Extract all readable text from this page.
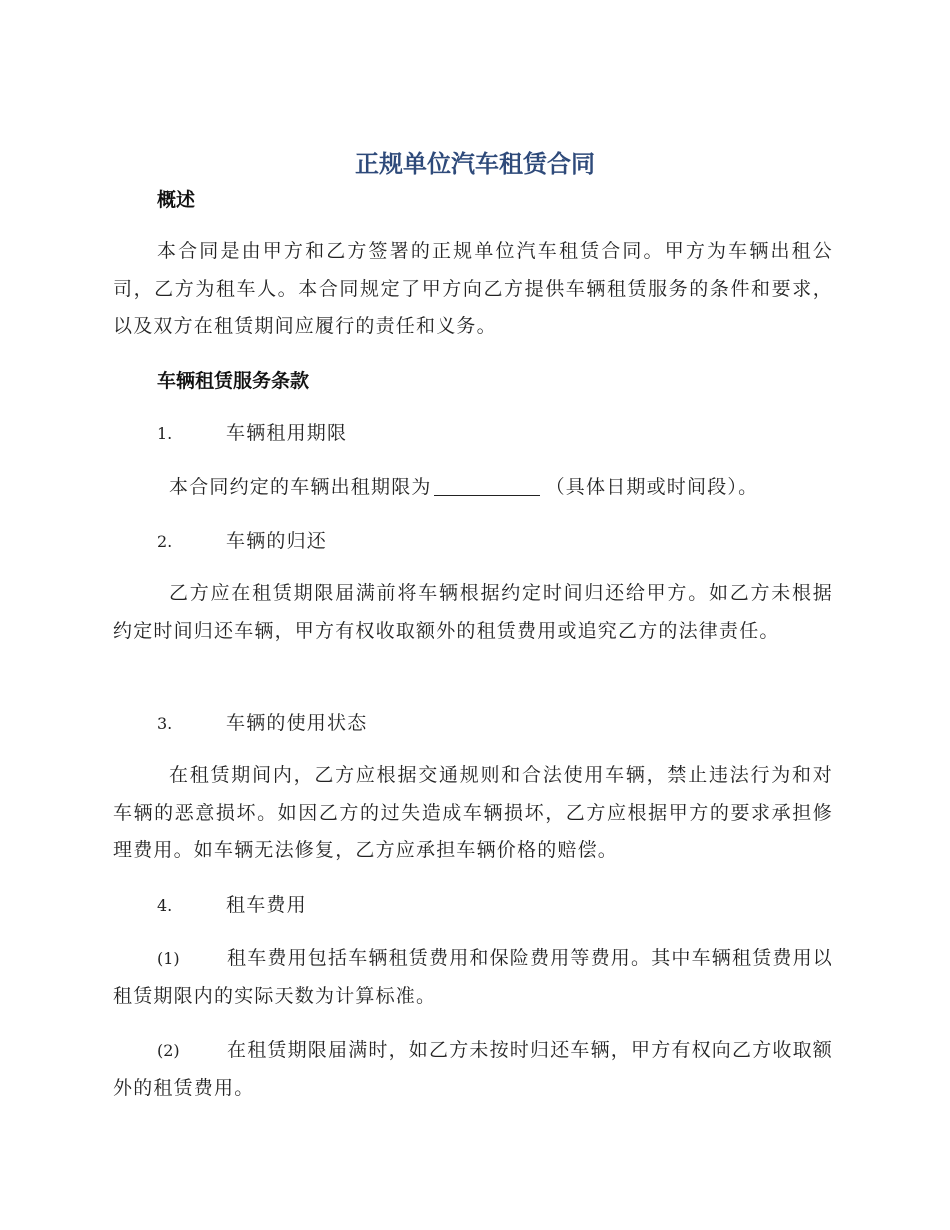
正规单位汽车租赁合同
概述
本合同是由甲方和乙方签署的正规单位汽车租赁合同。甲方为车辆出租公司，乙方为租车人。本合同规定了甲方向乙方提供车辆租赁服务的条件和要求，以及双方在租赁期间应履行的责任和义务。
车辆租赁服务条款
1.	车辆租用期限
本合同约定的车辆出租期限为	（具体日期或时间段）。
2.	车辆的归还
乙方应在租赁期限届满前将车辆根据约定时间归还给甲方。如乙方未根据约定时间归还车辆，甲方有权收取额外的租赁费用或追究乙方的法律责任。
3.	车辆的使用状态
在租赁期间内，乙方应根据交通规则和合法使用车辆，禁止违法行为和对车辆的恶意损坏。如因乙方的过失造成车辆损坏，乙方应根据甲方的要求承担修理费用。如车辆无法修复，乙方应承担车辆价格的赔偿。
4.	租车费用
(1) 租车费用包括车辆租赁费用和保险费用等费用。其中车辆租赁费用以租赁期限内的实际天数为计算标准。
(2) 在租赁期限届满时，如乙方未按时归还车辆，甲方有权向乙方收取额外的租赁费用。
